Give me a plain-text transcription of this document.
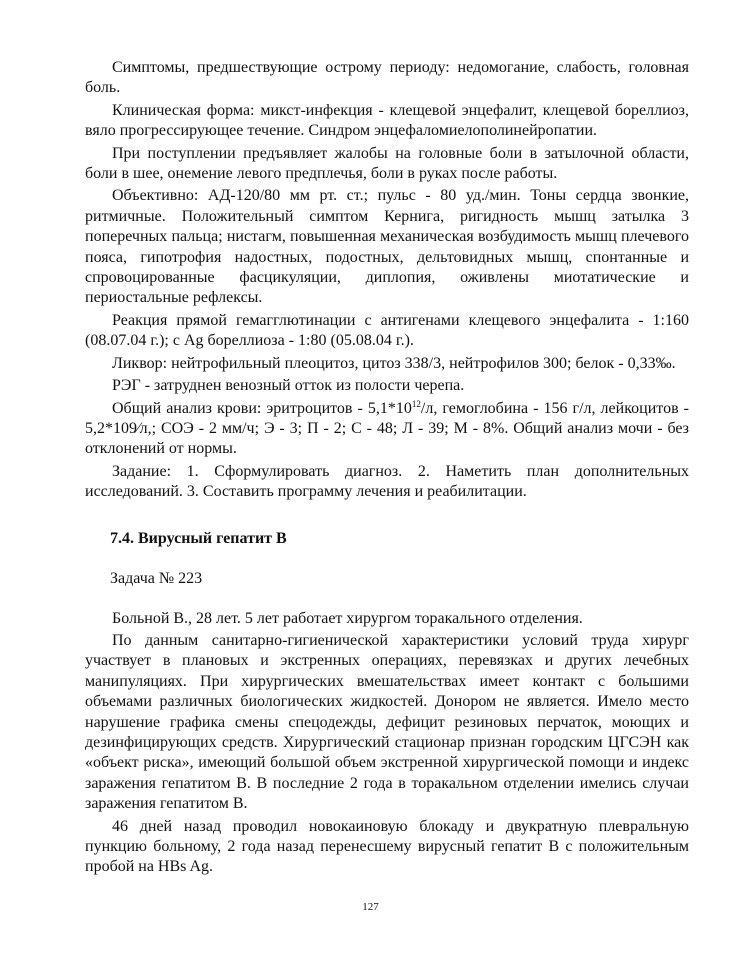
Симптомы, предшествующие острому периоду: недомогание, слабость, головная боль.

Клиническая форма: микст-инфекция - клещевой энцефалит, клещевой бореллиоз, вяло прогрессирующее течение. Синдром энцефаломиелополинейропатии.

При поступлении предъявляет жалобы на головные боли в затылочной области, боли в шее, онемение левого предплечья, боли в руках после работы.

Объективно: АД-120/80 мм рт. ст.; пульс - 80 уд./мин. Тоны сердца звонкие, ритмичные. Положительный симптом Кернига, ригидность мышц затылка 3 поперечных пальца; нистагм, повышенная механическая возбудимость мышц плечевого пояса, гипотрофия надостных, подостных, дельтовидных мышц, спонтанные и спровоцированные фасцикуляции, диплопия, оживлены миотатические и периостальные рефлексы.

Реакция прямой гемагглютинации с антигенами клещевого энцефалита - 1:160 (08.07.04 г.); с Ag бореллиоза - 1:80 (05.08.04 г.).

Ликвор: нейтрофильный плеоцитоз, цитоз 338/3, нейтрофилов 300; белок - 0,33‰.

РЭГ - затруднен венозный отток из полости черепа.

Общий анализ крови: эритроцитов - $5,1*10^{12}/л$, гемоглобина - 156 г/л, лейкоцитов - 5,2*109⁄л,; СОЭ - 2 мм/ч; Э - 3; П - 2; С - 48; Л - 39; М - 8%. Общий анализ мочи - без отклонений от нормы.

Задание: 1. Сформулировать диагноз. 2. Наметить план дополнительных исследований. 3. Составить программу лечения и реабилитации.

7.4. Вирусный гепатит В
Задача № 223

Больной В., 28 лет. 5 лет работает хирургом торакального отделения.

По данным санитарно-гигиенической характеристики условий труда хирург участвует в плановых и экстренных операциях, перевязках и других лечебных манипуляциях. При хирургических вмешательствах имеет контакт с большими объемами различных биологических жидкостей. Донором не является. Имело место нарушение графика смены спецодежды, дефицит резиновых перчаток, моющих и дезинфицирующих средств. Хирургический стационар признан городским ЦГСЭН как «объект риска», имеющий большой объем экстренной хирургической помощи и индекс заражения гепатитом В. В последние 2 года в торакальном отделении имелись случаи заражения гепатитом В.

46 дней назад проводил новокаиновую блокаду и двукратную плевральную пункцию больному, 2 года назад перенесшему вирусный гепатит В с положительным пробой на HBs Ag.

127
